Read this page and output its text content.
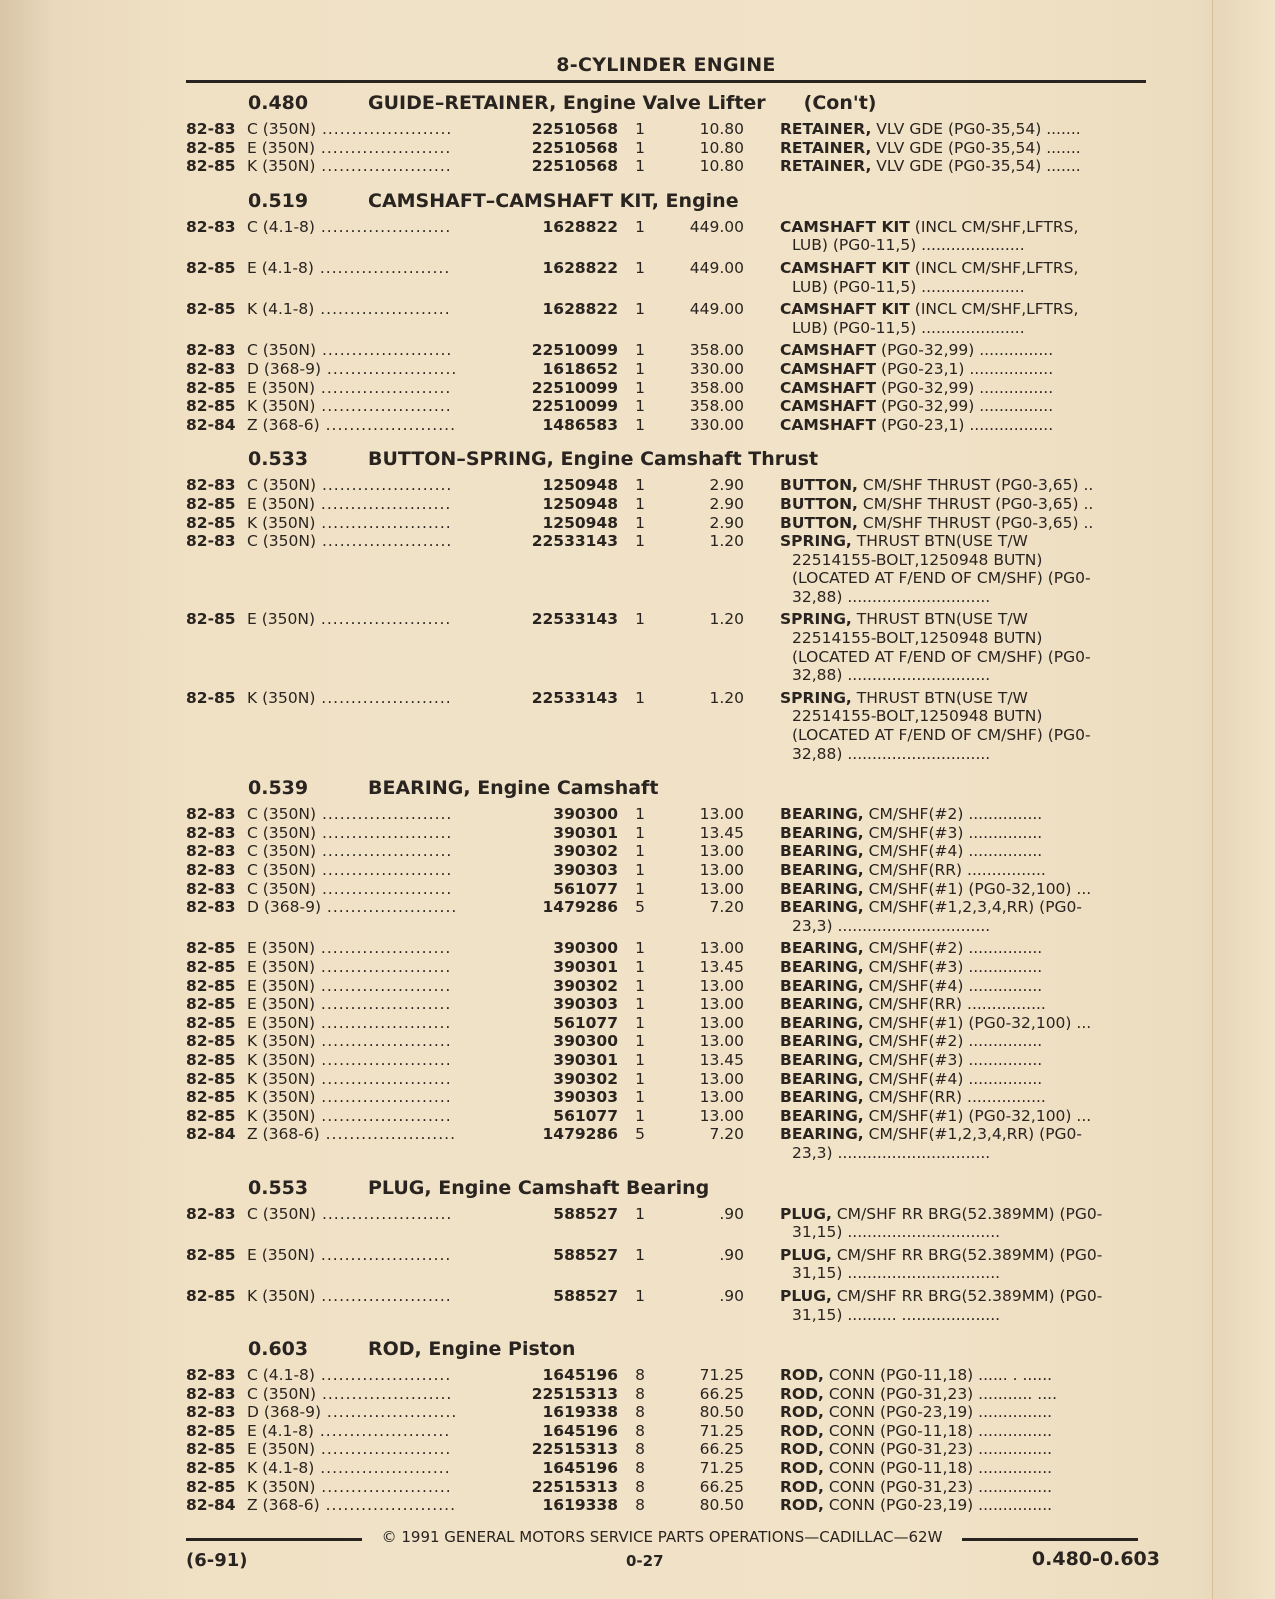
8-CYLINDER ENGINE
0.480	GUIDE–RETAINER, Engine Valve Lifter (Con't)
82-83 C (350N) ......................	22510568	1	10.80 RETAINER, VLV GDE (PG0-35,54) .......
82-85 E (350N) ......................	22510568	1	10.80 RETAINER, VLV GDE (PG0-35,54) .......
82-85 K (350N) ......................	22510568	1	10.80 RETAINER, VLV GDE (PG0-35,54) .......
0.519	CAMSHAFT–CAMSHAFT KIT, Engine
82-83 C (4.1-8) ......................	1628822	1	449.00 CAMSHAFT KIT (INCL CM/SHF,LFTRS,
LUB) (PG0-11,5) .....................
82-85 E (4.1-8) ......................	1628822	1	449.00 CAMSHAFT KIT (INCL CM/SHF,LFTRS,
LUB) (PG0-11,5) .....................
82-85 K (4.1-8) ......................	1628822	1	449.00 CAMSHAFT KIT (INCL CM/SHF,LFTRS,
LUB) (PG0-11,5) .....................
82-83 C (350N) ......................	22510099	1	358.00 CAMSHAFT (PG0-32,99) ...............
82-83 D (368-9) ......................	1618652	1	330.00 CAMSHAFT (PG0-23,1) .................
82-85 E (350N) ......................	22510099	1	358.00 CAMSHAFT (PG0-32,99) ...............
82-85 K (350N) ......................	22510099	1	358.00 CAMSHAFT (PG0-32,99) ...............
82-84 Z (368-6) ......................	1486583	1	330.00 CAMSHAFT (PG0-23,1) .................
0.533	BUTTON–SPRING, Engine Camshaft Thrust
82-83 C (350N) ......................	1250948	1	2.90 BUTTON, CM/SHF THRUST (PG0-3,65) ..
82-85 E (350N) ......................	1250948	1	2.90 BUTTON, CM/SHF THRUST (PG0-3,65) ..
82-85 K (350N) ......................	1250948	1	2.90 BUTTON, CM/SHF THRUST (PG0-3,65) ..
82-83 C (350N) ......................	22533143	1	1.20 SPRING, THRUST BTN(USE T/W
22514155-BOLT,1250948 BUTN)
(LOCATED AT F/END OF CM/SHF) (PG0-
32,88) .............................
82-85 E (350N) ......................	22533143	1	1.20 SPRING, THRUST BTN(USE T/W
22514155-BOLT,1250948 BUTN)
(LOCATED AT F/END OF CM/SHF) (PG0-
32,88) .............................
82-85 K (350N) ......................	22533143	1	1.20 SPRING, THRUST BTN(USE T/W
22514155-BOLT,1250948 BUTN)
(LOCATED AT F/END OF CM/SHF) (PG0-
32,88) .............................
0.539	BEARING, Engine Camshaft
82-83 C (350N) ......................	390300	1	13.00 BEARING, CM/SHF(#2) ...............
82-83 C (350N) ......................	390301	1	13.45 BEARING, CM/SHF(#3) ...............
82-83 C (350N) ......................	390302	1	13.00 BEARING, CM/SHF(#4) ...............
82-83 C (350N) ......................	390303	1	13.00 BEARING, CM/SHF(RR) ................
82-83 C (350N) ......................	561077	1	13.00 BEARING, CM/SHF(#1) (PG0-32,100) ...
82-83 D (368-9) ......................	1479286	5	7.20 BEARING, CM/SHF(#1,2,3,4,RR) (PG0-
23,3) ...............................
82-85 E (350N) ......................	390300	1	13.00 BEARING, CM/SHF(#2) ...............
82-85 E (350N) ......................	390301	1	13.45 BEARING, CM/SHF(#3) ...............
82-85 E (350N) ......................	390302	1	13.00 BEARING, CM/SHF(#4) ...............
82-85 E (350N) ......................	390303	1	13.00 BEARING, CM/SHF(RR) ................
82-85 E (350N) ......................	561077	1	13.00 BEARING, CM/SHF(#1) (PG0-32,100) ...
82-85 K (350N) ......................	390300	1	13.00 BEARING, CM/SHF(#2) ...............
82-85 K (350N) ......................	390301	1	13.45 BEARING, CM/SHF(#3) ...............
82-85 K (350N) ......................	390302	1	13.00 BEARING, CM/SHF(#4) ...............
82-85 K (350N) ......................	390303	1	13.00 BEARING, CM/SHF(RR) ................
82-85 K (350N) ......................	561077	1	13.00 BEARING, CM/SHF(#1) (PG0-32,100) ...
82-84 Z (368-6) ......................	1479286	5	7.20 BEARING, CM/SHF(#1,2,3,4,RR) (PG0-
23,3) ...............................
0.553	PLUG, Engine Camshaft Bearing
82-83 C (350N) ......................	588527	1	.90 PLUG, CM/SHF RR BRG(52.389MM) (PG0-
31,15) ...............................
82-85 E (350N) ......................	588527	1	.90 PLUG, CM/SHF RR BRG(52.389MM) (PG0-
31,15) ...............................
82-85 K (350N) ......................	588527	1	.90 PLUG, CM/SHF RR BRG(52.389MM) (PG0-
31,15) .......... ....................
0.603	ROD, Engine Piston
82-83 C (4.1-8) ......................	1645196	8	71.25 ROD, CONN (PG0-11,18) ...... . ......
82-83 C (350N) ......................	22515313	8	66.25 ROD, CONN (PG0-31,23) ........... ....
82-83 D (368-9) ......................	1619338	8	80.50 ROD, CONN (PG0-23,19) ...............
82-85 E (4.1-8) ......................	1645196	8	71.25 ROD, CONN (PG0-11,18) ...............
82-85 E (350N) ......................	22515313	8	66.25 ROD, CONN (PG0-31,23) ...............
82-85 K (4.1-8) ......................	1645196	8	71.25 ROD, CONN (PG0-11,18) ...............
82-85 K (350N) ......................	22515313	8	66.25 ROD, CONN (PG0-31,23) ...............
82-84 Z (368-6) ......................	1619338	8	80.50 ROD, CONN (PG0-23,19) ...............
© 1991 GENERAL MOTORS SERVICE PARTS OPERATIONS—CADILLAC—62W
(6-91)	0-27	0.480-0.603
